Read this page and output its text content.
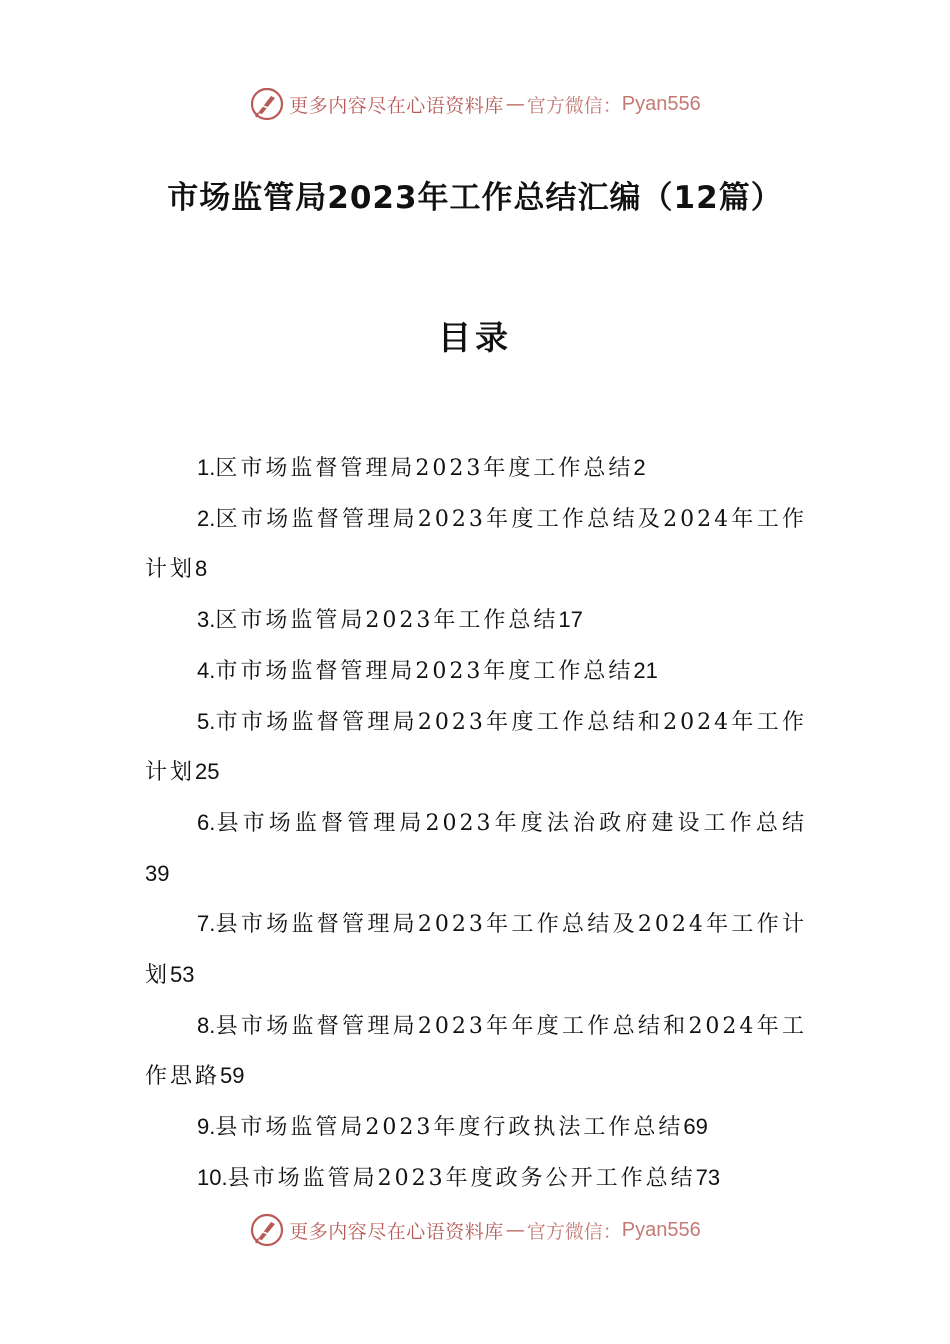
更多内容尽在心语资料库 — 官方微信： Pyan556
市场监管局2023年工作总结汇编（12篇）
目录
1.区市场监督管理局2023年度工作总结2
2.区市场监督管理局2023年度工作总结及2024年工作计划8
3.区市场监管局2023年工作总结17
4.市市场监督管理局2023年度工作总结21
5.市市场监督管理局2023年度工作总结和2024年工作计划25
6.县市场监督管理局2023年度法治政府建设工作总结39
7.县市场监督管理局2023年工作总结及2024年工作计划53
8.县市场监督管理局2023年年度工作总结和2024年工作思路59
9.县市场监管局2023年度行政执法工作总结69
10.县市场监管局2023年度政务公开工作总结73
更多内容尽在心语资料库 — 官方微信： Pyan556
